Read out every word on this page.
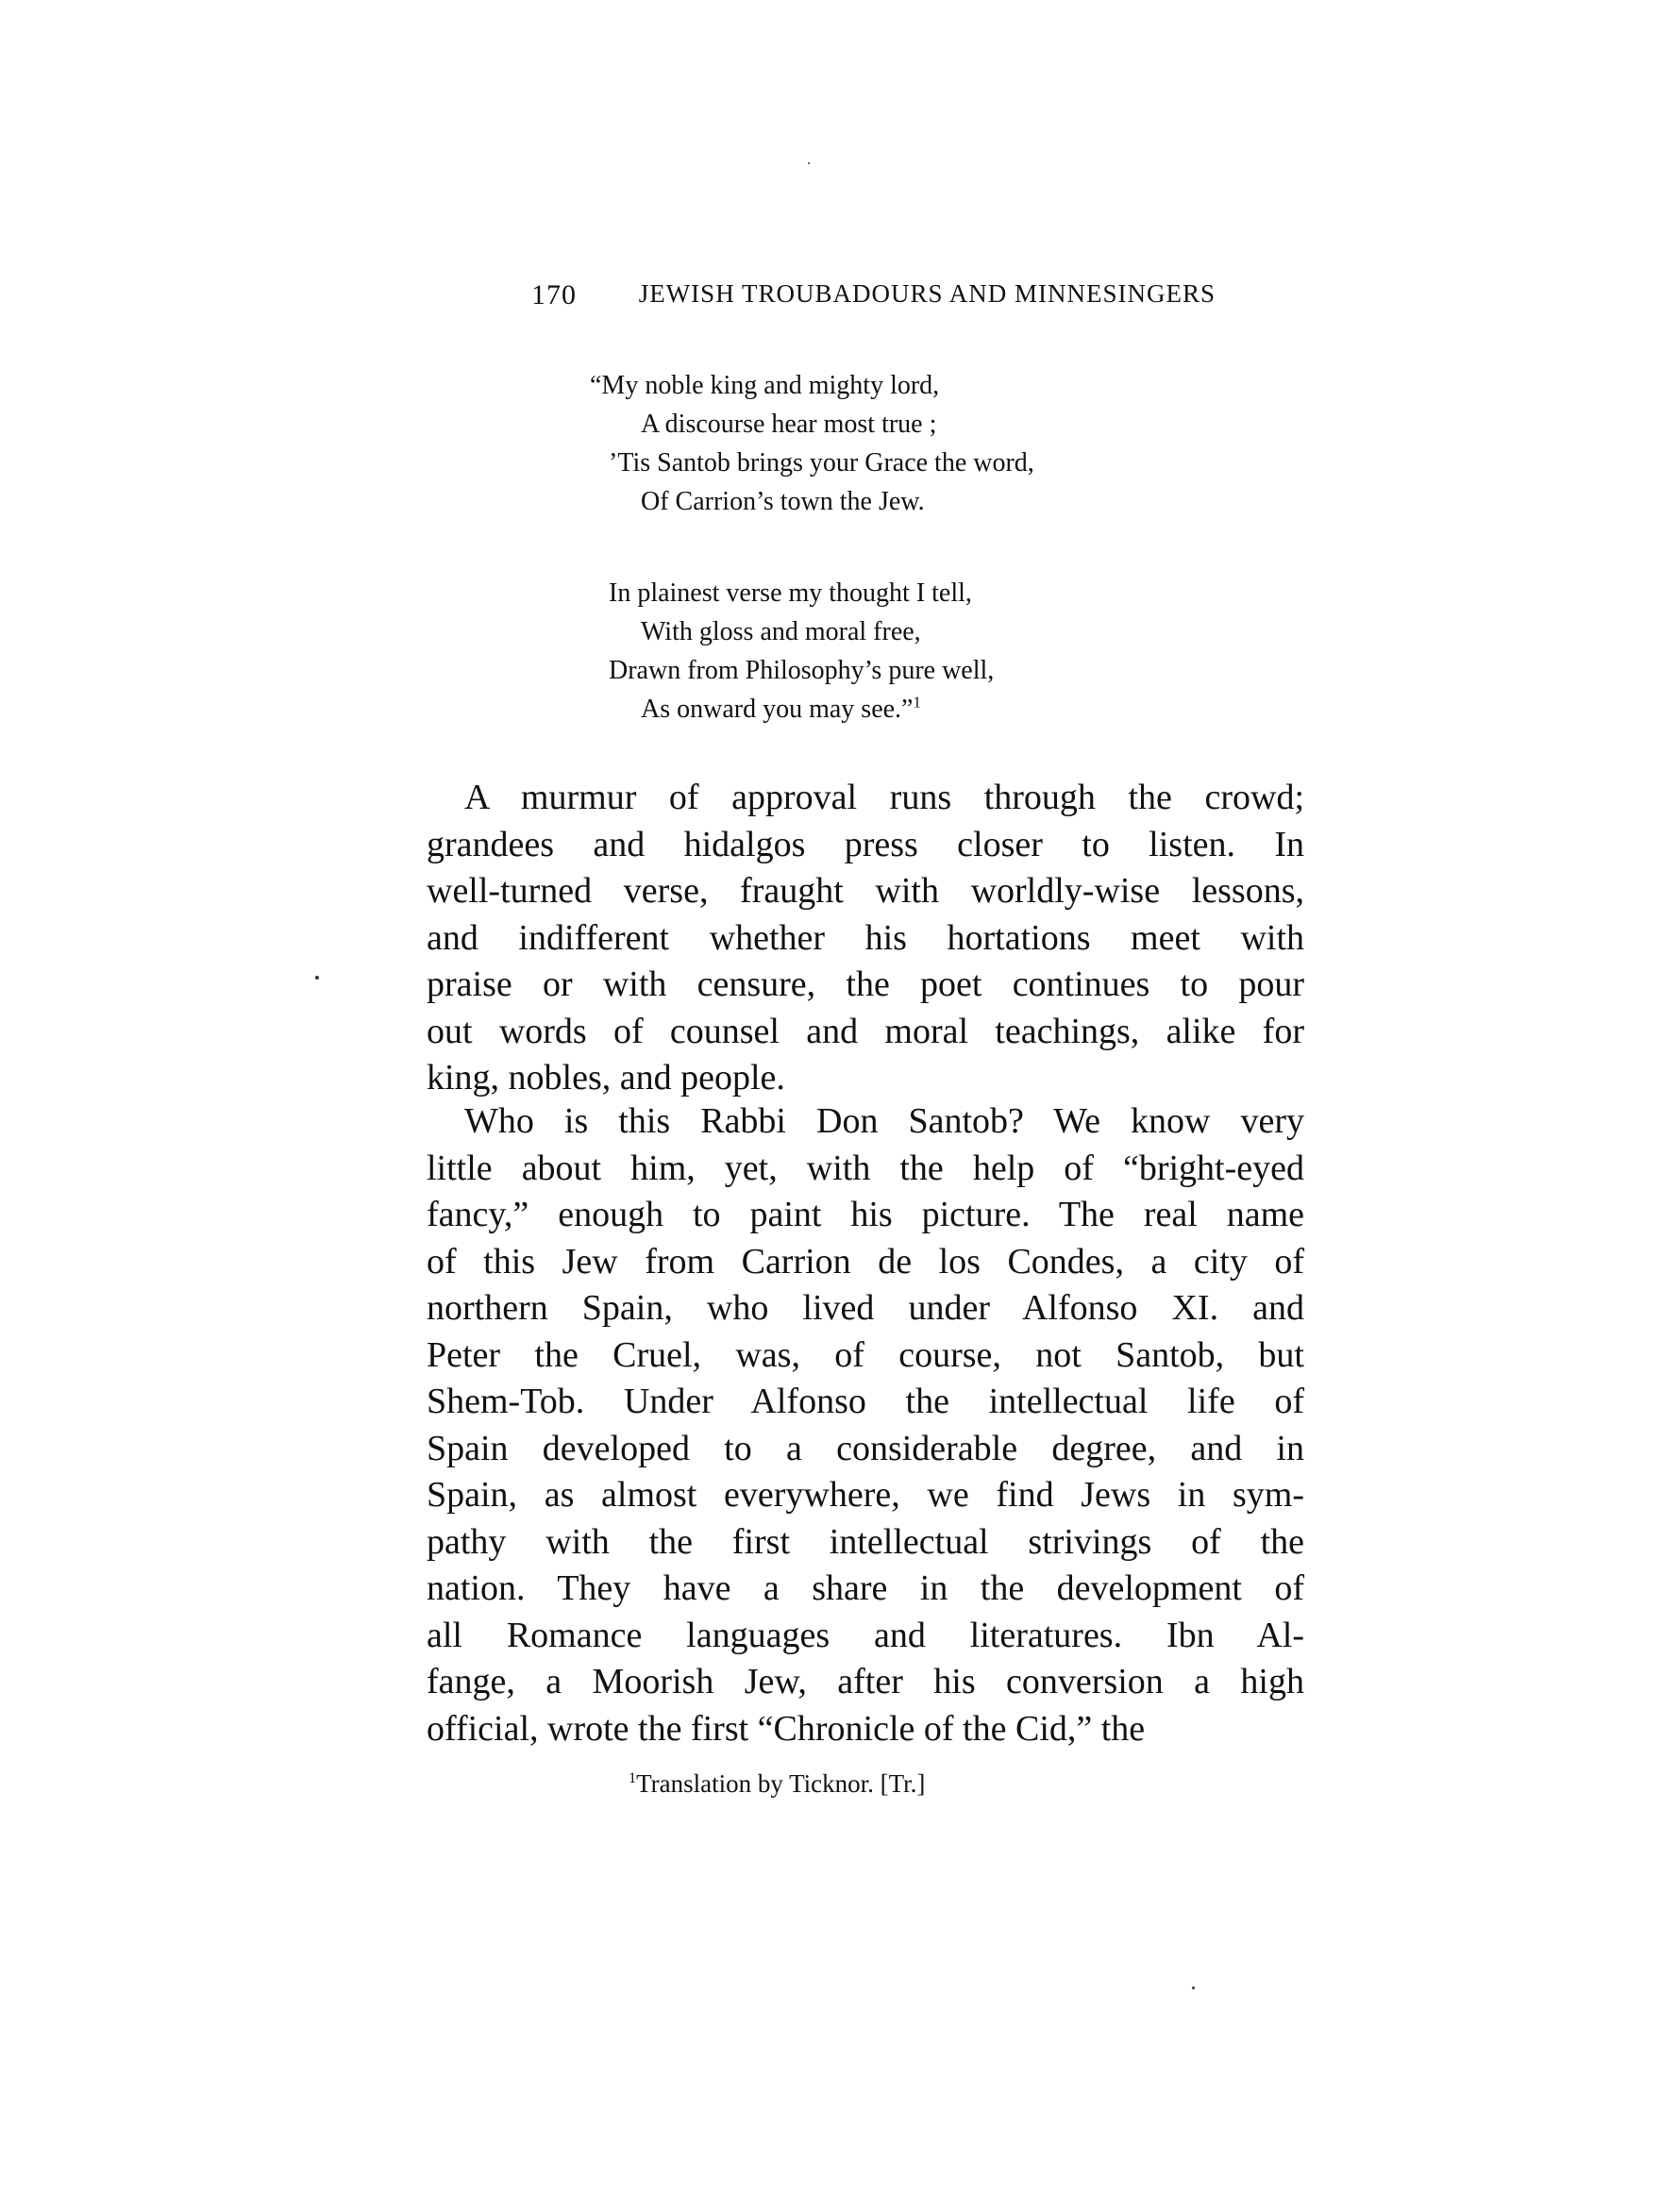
170 JEWISH TROUBADOURS AND MINNESINGERS
“My noble king and mighty lord,
A discourse hear most true ;
’Tis Santob brings your Grace the word,
Of Carrion’s town the Jew.
In plainest verse my thought I tell,
With gloss and moral free,
Drawn from Philosophy’s pure well,
As onward you may see.”$^1$
A murmur of approval runs through the crowd;
grandees and hidalgos press closer to listen. In
well-turned verse, fraught with worldly-wise lessons,
and indifferent whether his hortations meet with
praise or with censure, the poet continues to pour
out words of counsel and moral teachings, alike for
king, nobles, and people.
Who is this Rabbi Don Santob? We know very
little about him, yet, with the help of “bright-eyed
fancy,” enough to paint his picture. The real name
of this Jew from Carrion de los Condes, a city of
northern Spain, who lived under Alfonso XI. and
Peter the Cruel, was, of course, not Santob, but
Shem-Tob. Under Alfonso the intellectual life of
Spain developed to a considerable degree, and in
Spain, as almost everywhere, we find Jews in sym-
pathy with the first intellectual strivings of the
nation. They have a share in the development of
all Romance languages and literatures. Ibn Al-
fange, a Moorish Jew, after his conversion a high
official, wrote the first “Chronicle of the Cid,” the
$^1$Translation by Ticknor. [Tr.]
